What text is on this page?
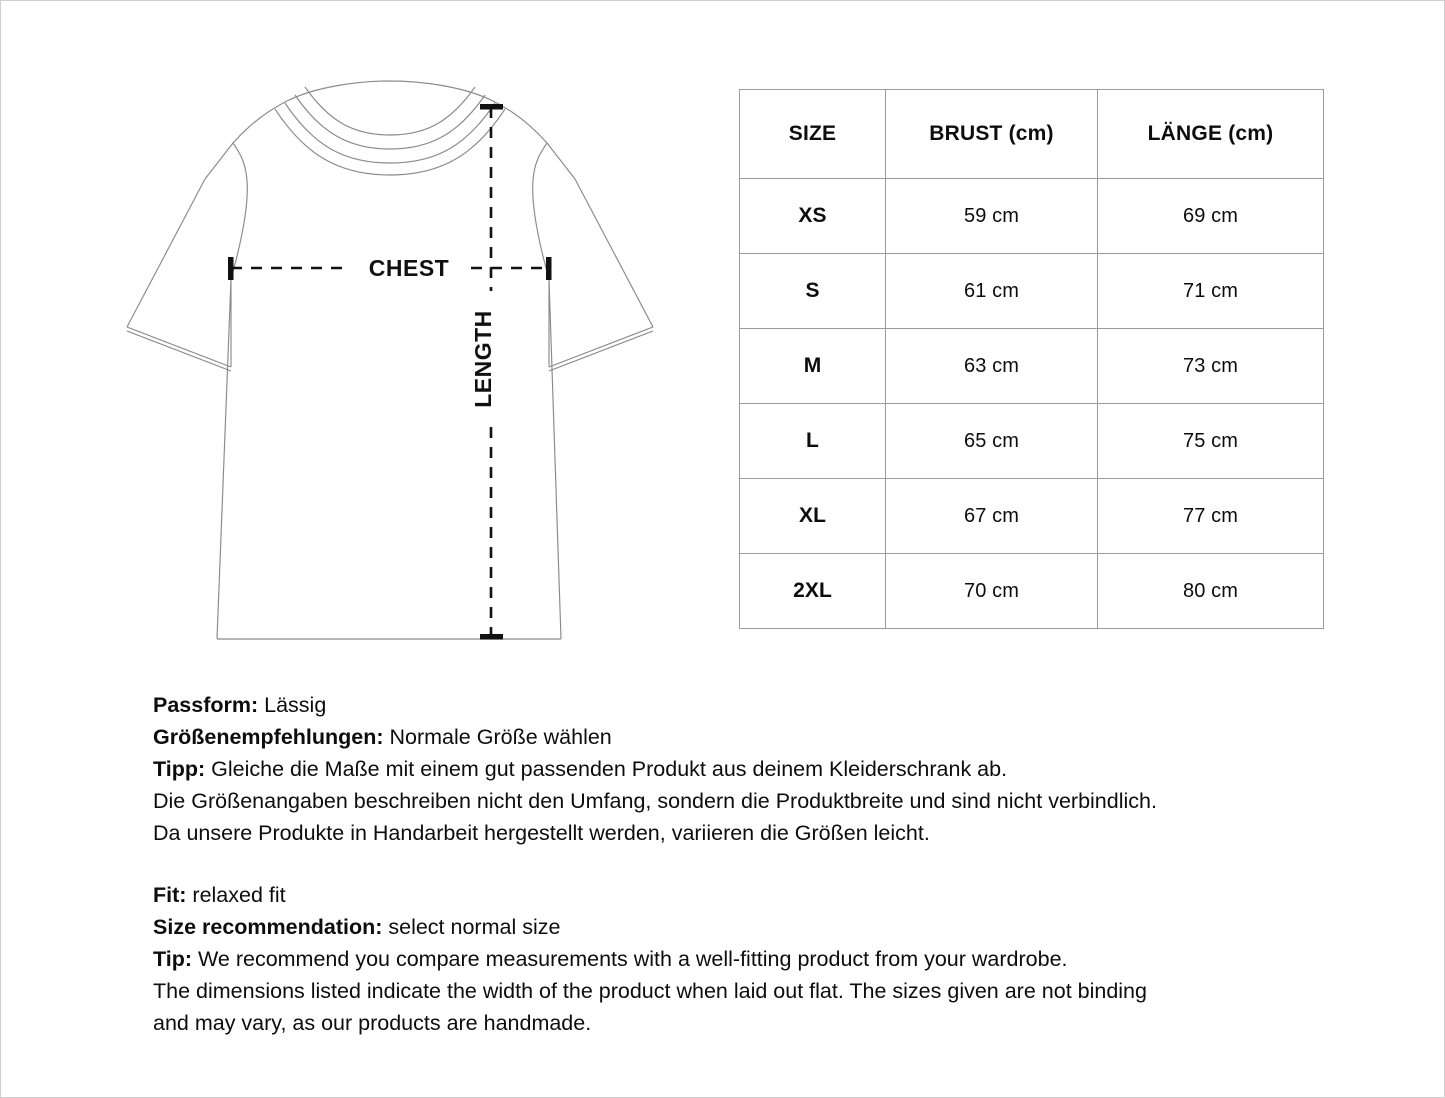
CHEST
LENGTH
SIZE	BRUST (cm)	LÄNGE (cm)
XS	59 cm	69 cm
S	61 cm	71 cm
M	63 cm	73 cm
L	65 cm	75 cm
XL	67 cm	77 cm
2XL	70 cm	80 cm
Passform: Lässig
Größenempfehlungen: Normale Größe wählen
Tipp: Gleiche die Maße mit einem gut passenden Produkt aus deinem Kleiderschrank ab.
Die Größenangaben beschreiben nicht den Umfang, sondern die Produktbreite und sind nicht verbindlich.
Da unsere Produkte in Handarbeit hergestellt werden, variieren die Größen leicht.
Fit: relaxed fit
Size recommendation: select normal size
Tip: We recommend you compare measurements with a well-fitting product from your wardrobe.
The dimensions listed indicate the width of the product when laid out flat. The sizes given are not binding
and may vary, as our products are handmade.
